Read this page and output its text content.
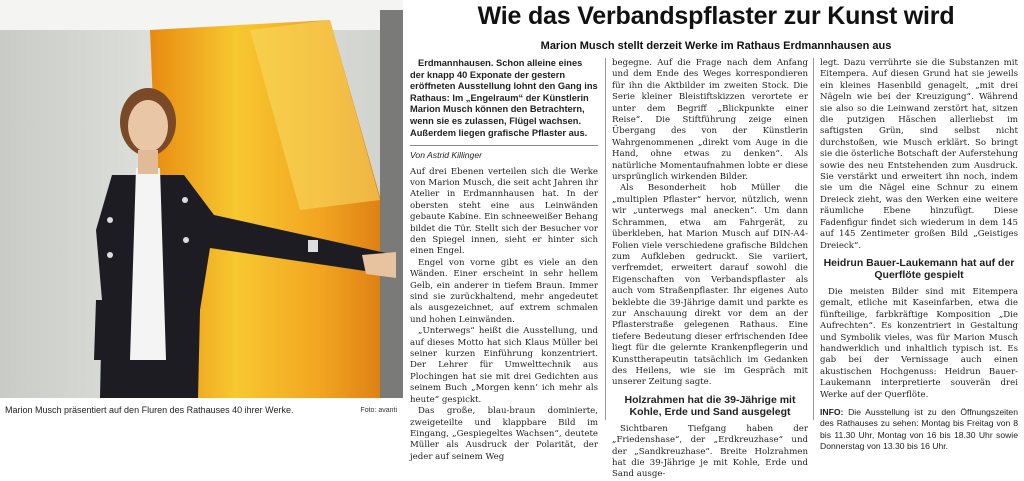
Marion Musch präsentiert auf den Fluren des Rathauses 40 ihrer Werke.	Foto: avanti
Wie das Verbandspflaster zur Kunst wird
Marion Musch stellt derzeit Werke im Rathaus Erdmannhausen aus

Erdmannhausen. Schon alleine eines der knapp 40 Exponate der gestern eröffneten Ausstellung lohnt den Gang ins Rathaus: Im „Engelraum“ der Künstlerin Marion Musch können den Betrachtern, wenn sie es zulassen, Flügel wachsen. Außerdem liegen grafische Pflaster aus.

Von Astrid Killinger

Auf drei Ebenen verteilen sich die Werke von Marion Musch, die seit acht Jahren ihr Atelier in Erdmannhausen hat. In der obersten steht eine aus Leinwänden gebaute Kabine. Ein schneeweißer Behang bildet die Tür. Stellt sich der Besucher vor den Spiegel innen, sieht er hinter sich einen Engel.

Engel von vorne gibt es viele an den Wänden. Einer erscheint in sehr hellem Gelb, ein anderer in tiefem Braun. Immer sind sie zurückhaltend, mehr angedeutet als ausgezeichnet, auf extrem schmalen und hohen Leinwänden.

„Unterwegs“ heißt die Ausstellung, und auf dieses Motto hat sich Klaus Müller bei seiner kurzen Einführung konzentriert. Der Lehrer für Umwelttechnik aus Plochingen hat sie mit drei Gedichten aus seinem Buch „Morgen kenn’ ich mehr als heute“ gespickt.

Das große, blau-braun dominierte, zweigeteilte und klappbare Bild im Eingang, „Gespiegeltes Wachsen“, deutete Müller als Ausdruck der Polarität, der jeder auf seinem Weg

begegne. Auf die Frage nach dem Anfang und dem Ende des Weges korrespondieren für ihn die Aktbilder im zweiten Stock. Die Serie kleiner Bleistiftskizzen verortete er unter dem Begriff „Blickpunkte einer Reise“. Die Stiftführung zeige einen Übergang des von der Künstlerin Wahrgenommenen „direkt vom Auge in die Hand, ohne etwas zu denken“. Als natürliche Momentaufnahmen lobte er diese ursprünglich wirkenden Bilder.

Als Besonderheit hob Müller die „multiplen Pflaster“ hervor, nützlich, wenn wir „unterwegs mal anecken“. Um dann Schrammen, etwa am Fahrgerät, zu überkleben, hat Marion Musch auf DIN-A4-Folien viele verschiedene grafische Bildchen zum Aufkleben gedruckt. Sie variiert, verfremdet, erweitert darauf sowohl die Eigenschaften von Verbandspflaster als auch vom Straßenpflaster. Ihr eigenes Auto beklebte die 39-Jährige damit und parkte es zur Anschauung direkt vor dem an der Pflasterstraße gelegenen Rathaus. Eine tiefere Bedeutung dieser erfrischenden Idee liegt für die gelernte Krankenpflegerin und Kunsttherapeutin tatsächlich im Gedanken des Heilens, wie sie im Gespräch mit unserer Zeitung sagte.

Holzrahmen hat die 39-Jährige mit Kohle, Erde und Sand ausgelegt

Sichtbaren Tiefgang haben der „Friedenshase“, der „Erdkreuzhase“ und der „Sandkreuzhase“. Breite Holzrahmen hat die 39-Jährige je mit Kohle, Erde und Sand ausge-

legt. Dazu verrührte sie die Substanzen mit Eitempera. Auf diesen Grund hat sie jeweils ein kleines Hasenbild genagelt, „mit drei Nägeln wie bei der Kreuzigung“. Während sie also so die Leinwand zerstört hat, sitzen die putzigen Häschen allerliebst im saftigsten Grün, sind selbst nicht durchstoßen, wie Musch erklärt. So bringt sie die österliche Botschaft der Auferstehung sowie des neu Entstehenden zum Ausdruck. Sie verstärkt und erweitert ihn noch, indem sie um die Nägel eine Schnur zu einem Dreieck zieht, was den Werken eine weitere räumliche Ebene hinzufügt. Diese Fadenfigur findet sich wiederum in dem 145 auf 145 Zentimeter großen Bild „Geistiges Dreieck“.

Heidrun Bauer-Laukemann hat auf der Querflöte gespielt

Die meisten Bilder sind mit Eitempera gemalt, etliche mit Kaseinfarben, etwa die fünfteilige, farbkräftige Komposition „Die Aufrechten“. Es konzentriert in Gestaltung und Symbolik vieles, was für Marion Musch handwerklich und inhaltlich typisch ist. Es gab bei der Vernissage auch einen akustischen Hochgenuss: Heidrun Bauer-Laukemann interpretierte souverän drei Werke auf der Querflöte.

INFO: Die Ausstellung ist zu den Öffnungszeiten des Rathauses zu sehen: Montag bis Freitag von 8 bis 11.30 Uhr, Montag von 16 bis 18.30 Uhr sowie Donnerstag von 13.30 bis 16 Uhr.
